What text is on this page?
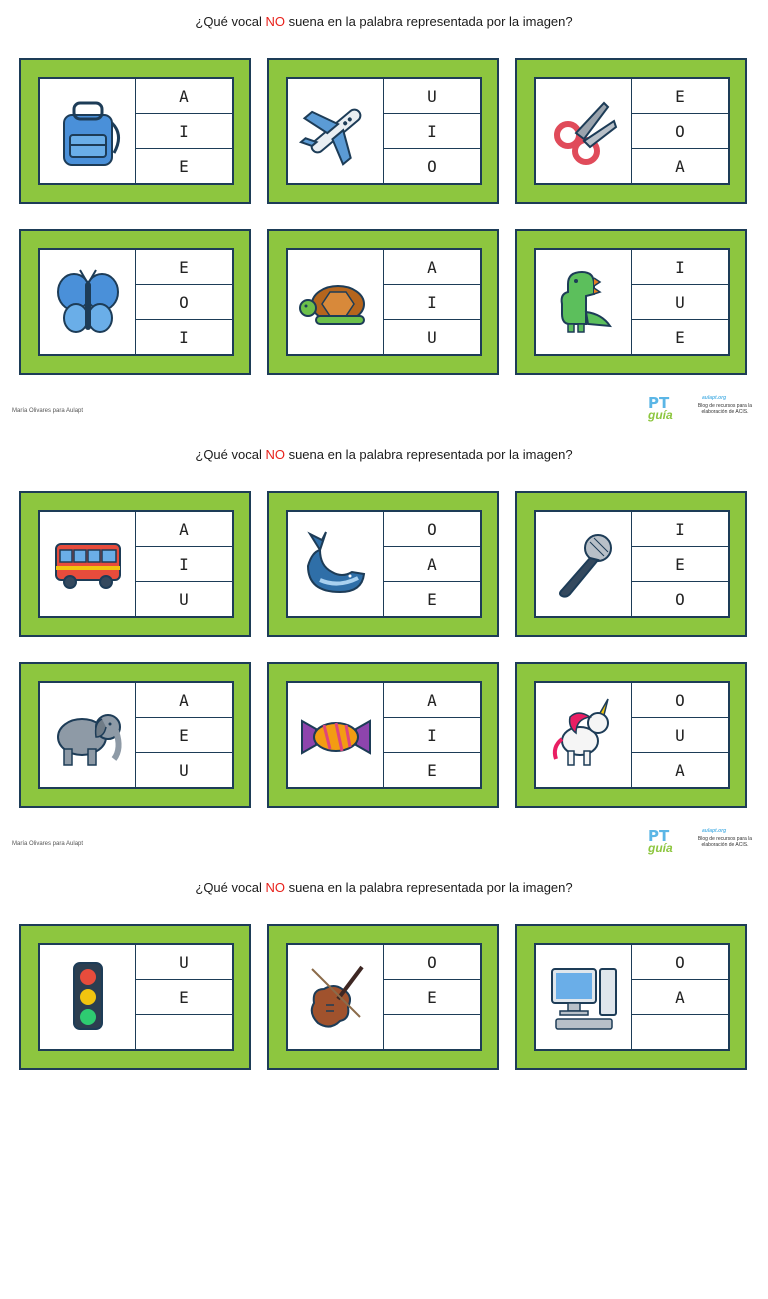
¿Qué vocal NO suena en la palabra representada por la imagen?
A
I
E
U
I
O
E
O
A
E
O
I
A
I
U
I
U
E
María Olivares para Aulapt	PT
guía
aulapt.org
Blog de recursos para la elaboración de ACIS.
¿Qué vocal NO suena en la palabra representada por la imagen?
A
I
U
O
A
E
I
E
O
A
E
U
A
I
E
O
U
A
María Olivares para Aulapt	PT
guía
aulapt.org
Blog de recursos para la elaboración de ACIS.
¿Qué vocal NO suena en la palabra representada por la imagen?
U
E
O
E
O
A
